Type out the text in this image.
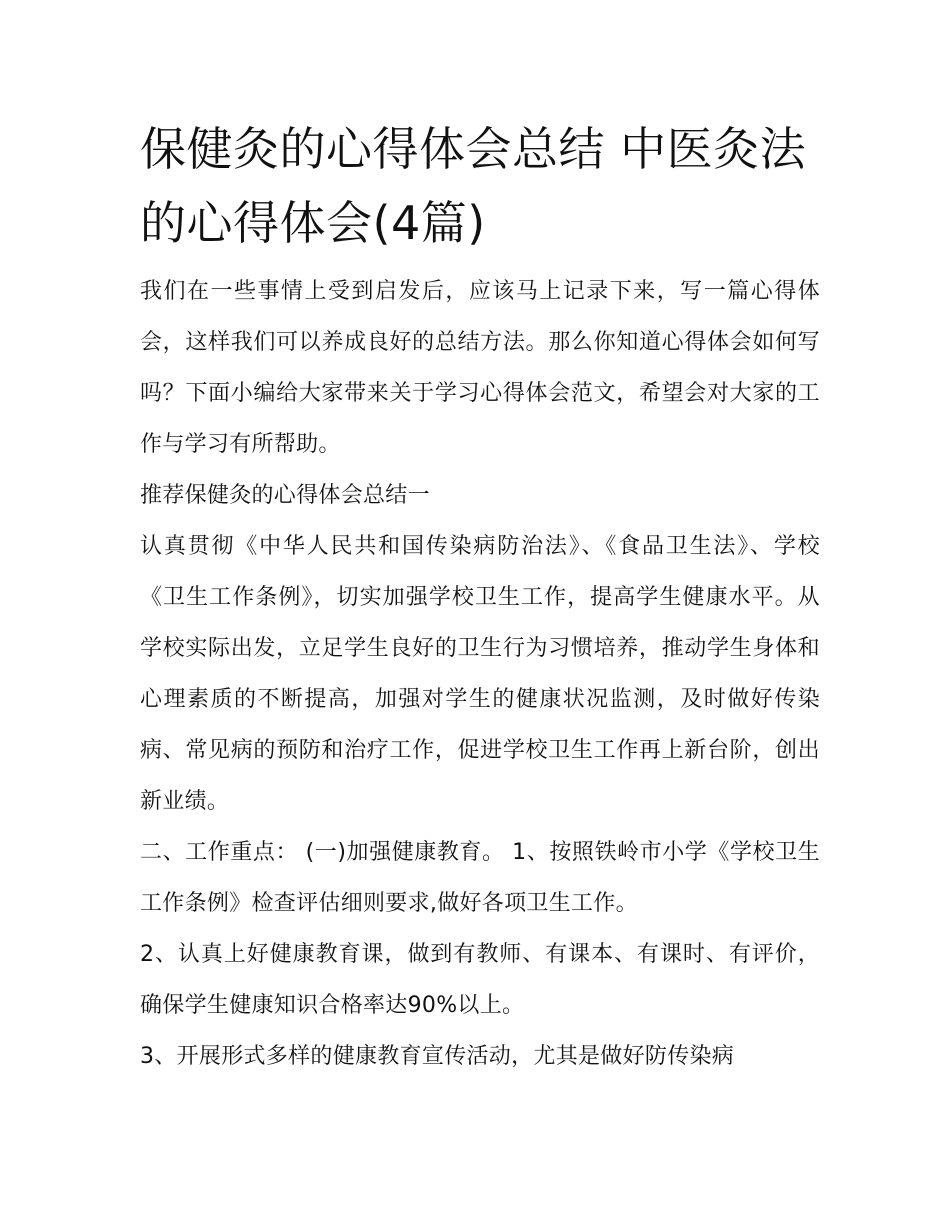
保健灸的心得体会总结 中医灸法的心得体会(4篇)

我们在一些事情上受到启发后，应该马上记录下来，写一篇心得体会，这样我们可以养成良好的总结方法。那么你知道心得体会如何写吗？下面小编给大家带来关于学习心得体会范文，希望会对大家的工作与学习有所帮助。

推荐保健灸的心得体会总结一

认真贯彻《中华人民共和国传染病防治法》、《食品卫生法》、学校《卫生工作条例》，切实加强学校卫生工作，提高学生健康水平。从学校实际出发，立足学生良好的卫生行为习惯培养，推动学生身体和心理素质的不断提高，加强对学生的健康状况监测，及时做好传染病、常见病的预防和治疗工作，促进学校卫生工作再上新台阶，创出新业绩。

二、工作重点： (一)加强健康教育。 1、按照铁岭市小学《学校卫生工作条例》检查评估细则要求,做好各项卫生工作。

2、认真上好健康教育课，做到有教师、有课本、有课时、有评价，确保学生健康知识合格率达90%以上。

3、开展形式多样的健康教育宣传活动，尤其是做好防传染病
